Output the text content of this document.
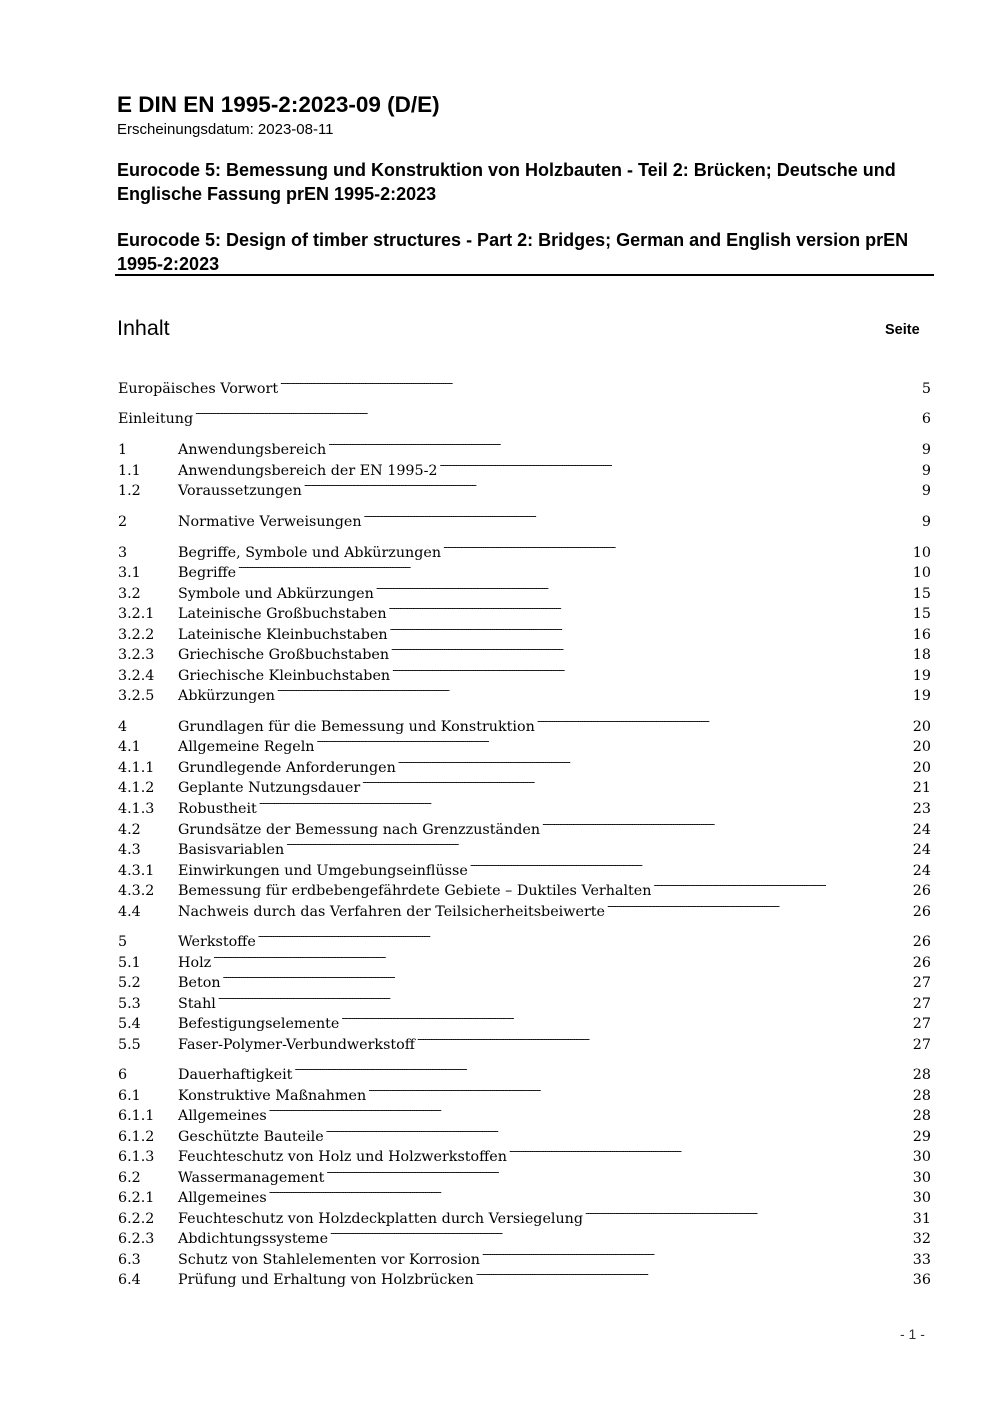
E DIN EN 1995-2:2023-09 (D/E)
Erscheinungsdatum: 2023-08-11
Eurocode 5: Bemessung und Konstruktion von Holzbauten - Teil 2: Brücken; Deutsche und Englische Fassung prEN 1995-2:2023
Eurocode 5: Design of timber structures - Part 2: Bridges; German and English version prEN 1995-2:2023
Inhalt	Seite
Europäisches Vorwort . . .	5
Einleitung . . .	6
1	Anwendungsbereich . . .	9
1.1	Anwendungsbereich der EN 1995-2 . . .	9
1.2	Voraussetzungen . . .	9
2	Normative Verweisungen . . .	9
3	Begriffe, Symbole und Abkürzungen . . .	10
3.1	Begriffe . . .	10
3.2	Symbole und Abkürzungen . . .	15
3.2.1	Lateinische Großbuchstaben . . .	15
3.2.2	Lateinische Kleinbuchstaben . . .	16
3.2.3	Griechische Großbuchstaben . . .	18
3.2.4	Griechische Kleinbuchstaben . . .	19
3.2.5	Abkürzungen . . .	19
4	Grundlagen für die Bemessung und Konstruktion . . .	20
4.1	Allgemeine Regeln . . .	20
4.1.1	Grundlegende Anforderungen . . .	20
4.1.2	Geplante Nutzungsdauer . . .	21
4.1.3	Robustheit . . .	23
4.2	Grundsätze der Bemessung nach Grenzzuständen . . .	24
4.3	Basisvariablen . . .	24
4.3.1	Einwirkungen und Umgebungseinflüsse . . .	24
4.3.2	Bemessung für erdbebengefährdete Gebiete – Duktiles Verhalten . . .	26
4.4	Nachweis durch das Verfahren der Teilsicherheitsbeiwerte . . .	26
5	Werkstoffe . . .	26
5.1	Holz . . .	26
5.2	Beton . . .	27
5.3	Stahl . . .	27
5.4	Befestigungselemente . . .	27
5.5	Faser-Polymer-Verbundwerkstoff . . .	27
6	Dauerhaftigkeit . . .	28
6.1	Konstruktive Maßnahmen . . .	28
6.1.1	Allgemeines . . .	28
6.1.2	Geschützte Bauteile . . .	29
6.1.3	Feuchteschutz von Holz und Holzwerkstoffen . . .	30
6.2	Wassermanagement . . .	30
6.2.1	Allgemeines . . .	30
6.2.2	Feuchteschutz von Holzdeckplatten durch Versiegelung . . .	31
6.2.3	Abdichtungssysteme . . .	32
6.3	Schutz von Stahlelementen vor Korrosion . . .	33
6.4	Prüfung und Erhaltung von Holzbrücken . . .	36
- 1 -
